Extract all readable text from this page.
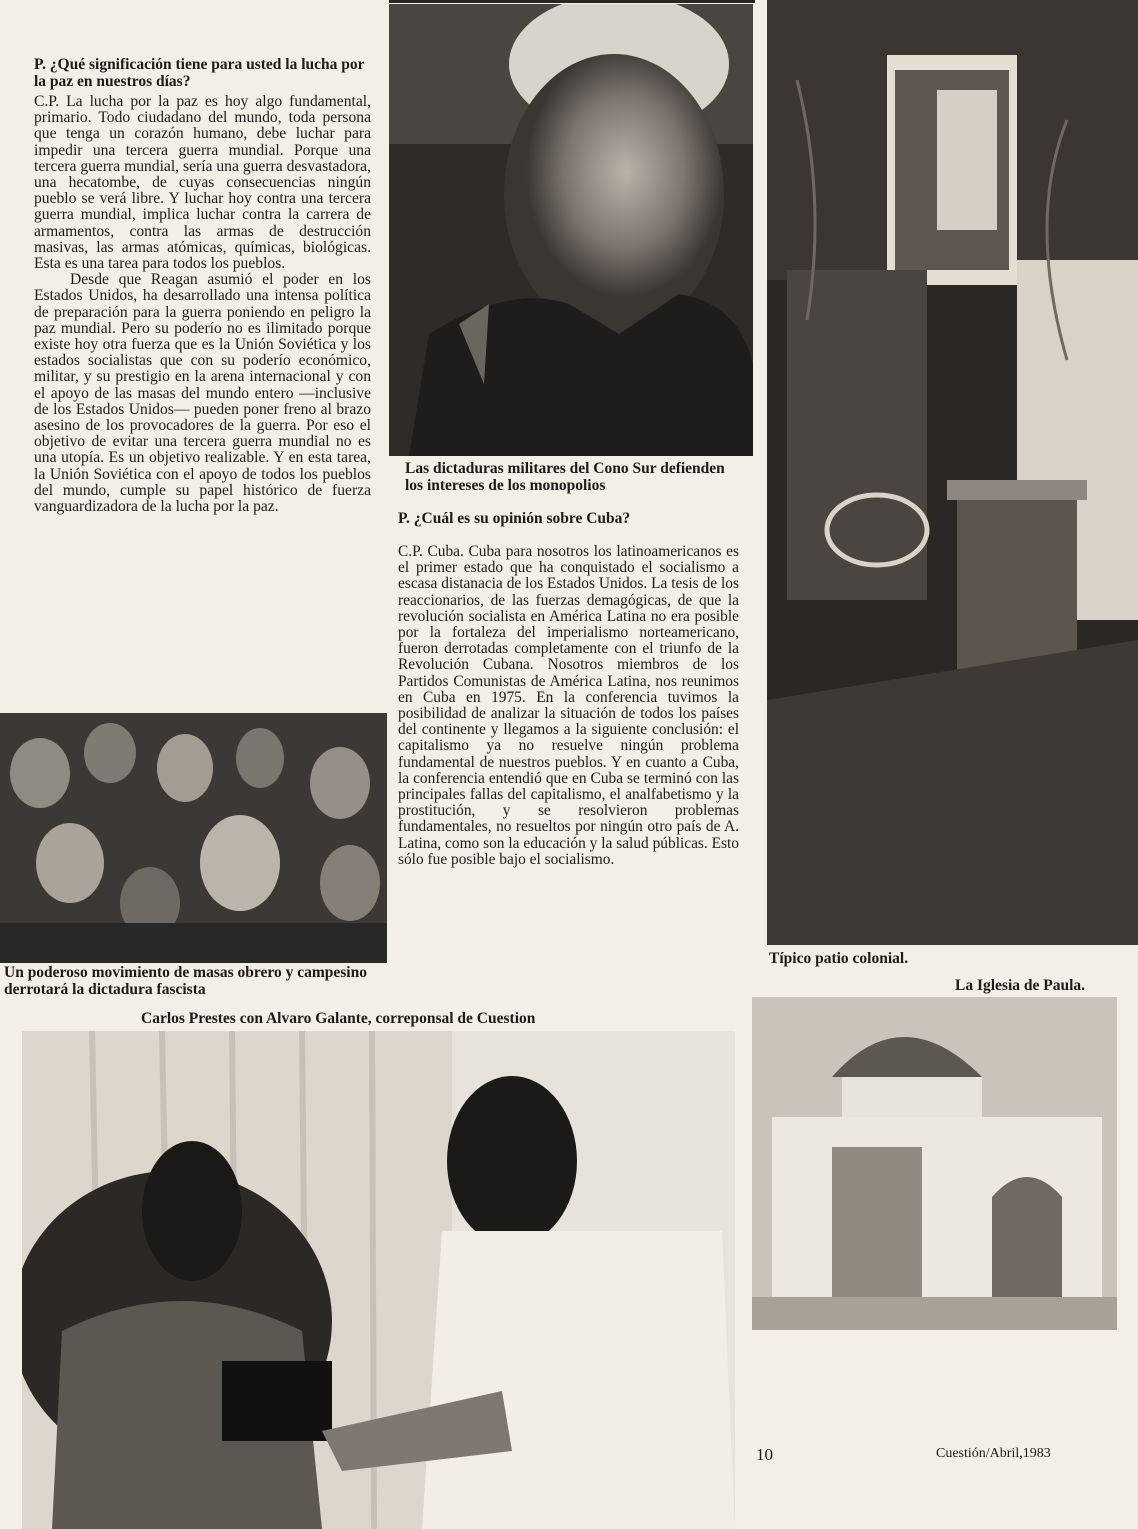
P. ¿Qué significación tiene para usted la lucha por la paz en nuestros días?

C.P. La lucha por la paz es hoy algo fundamental, primario. Todo ciudadano del mundo, toda persona que tenga un corazón humano, debe luchar para impedir una tercera guerra mundial. Porque una tercera guerra mundial, sería una guerra desvastadora, una hecatombe, de cuyas consecuencias ningún pueblo se verá libre. Y luchar hoy contra una tercera guerra mundial, implica luchar contra la carrera de armamentos, contra las armas de destrucción masivas, las armas atómicas, químicas, biológicas. Esta es una tarea para todos los pueblos.

Desde que Reagan asumió el poder en los Estados Unidos, ha desarrollado una intensa política de preparación para la guerra poniendo en peligro la paz mundial. Pero su poderío no es ilimitado porque existe hoy otra fuerza que es la Unión Soviética y los estados socialistas que con su poderío económico, militar, y su prestigio en la arena internacional y con el apoyo de las masas del mundo entero —inclusive de los Estados Unidos— pueden poner freno al brazo asesino de los provocadores de la guerra. Por eso el objetivo de evitar una tercera guerra mundial no es una utopía. Es un objetivo realizable. Y en esta tarea, la Unión Soviética con el apoyo de todos los pueblos del mundo, cumple su papel histórico de fuerza vanguardizadora de la lucha por la paz.

Las dictaduras militares del Cono Sur defienden los intereses de los monopolios
Un poderoso movimiento de masas obrero y campesino derrotará la dictadura fascista
P. ¿Cuál es su opinión sobre Cuba?
C.P. Cuba. Cuba para nosotros los latinoamericanos es el primer estado que ha conquistado el socialismo a escasa distanacia de los Estados Unidos. La tesis de los reaccionarios, de las fuerzas demagógicas, de que la revolución socialista en América Latina no era posible por la fortaleza del imperialismo norteamericano, fueron derrotadas completamente con el triunfo de la Revolución Cubana. Nosotros miembros de los Partidos Comunistas de América Latina, nos reunimos en Cuba en 1975. En la conferencia tuvimos la posibilidad de analizar la situación de todos los países del continente y llegamos a la siguiente conclusión: el capitalismo ya no resuelve ningún problema fundamental de nuestros pueblos. Y en cuanto a Cuba, la conferencia entendió que en Cuba se terminó con las principales fallas del capitalismo, el analfabetismo y la prostitución, y se resolvieron problemas fundamentales, no resueltos por ningún otro país de A. Latina, como son la educación y la salud públicas. Esto sólo fue posible bajo el socialismo.
Típico patio colonial.
La Iglesia de Paula.
Carlos Prestes con Alvaro Galante, correponsal de Cuestion
10	Cuestión/Abril,1983
